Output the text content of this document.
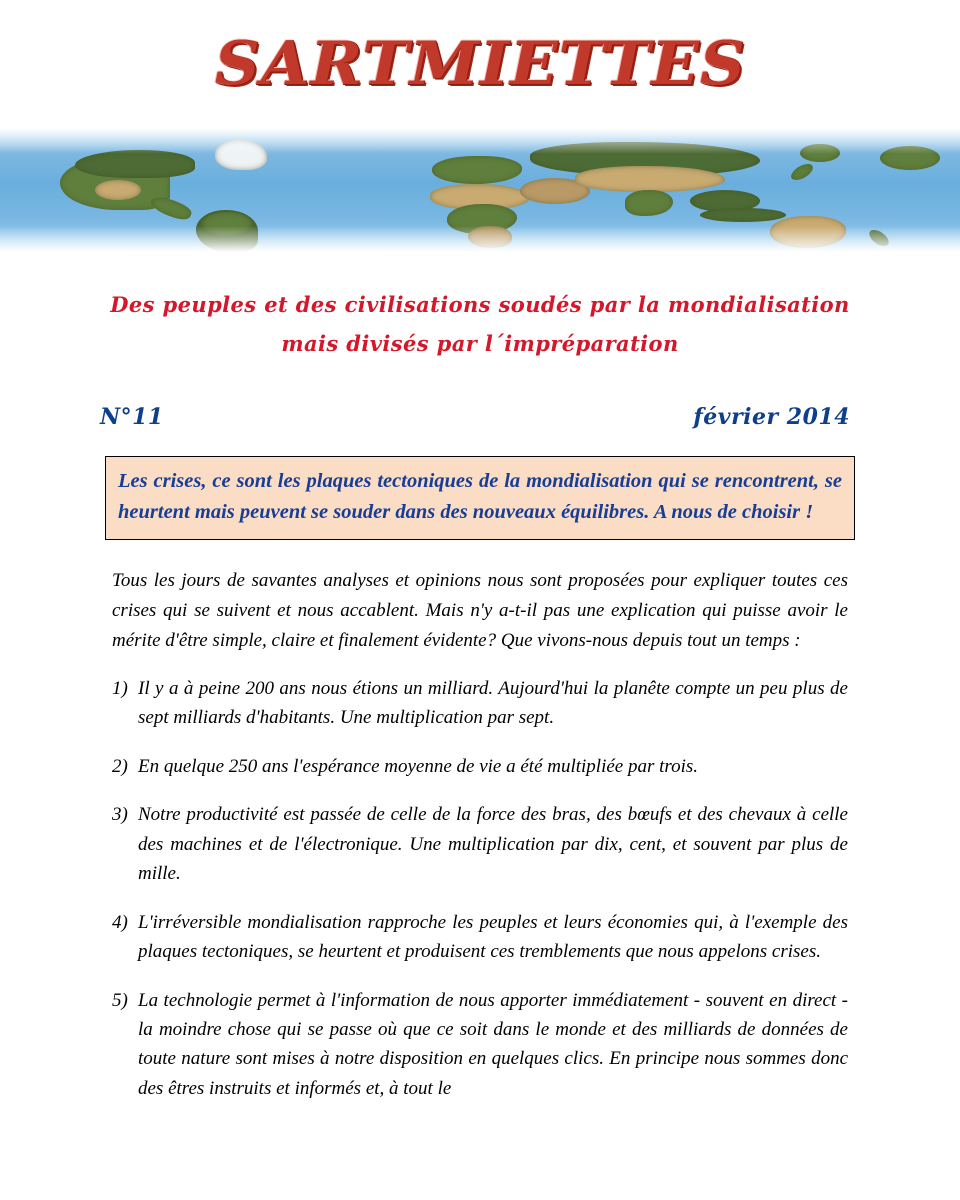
SARTMIETTES
Des peuples et des civilisations soudés par la mondialisation
mais divisés par l´impréparation
N°11	février 2014
Les crises, ce sont les plaques tectoniques de la mondialisation qui se rencontrent, se heurtent mais peuvent se souder dans des nouveaux équilibres. A nous de choisir !

Tous les jours de savantes analyses et opinions nous sont proposées pour expliquer toutes ces crises qui se suivent et nous accablent. Mais n'y a-t-il pas une explication qui puisse avoir le mérite d'être simple, claire et finalement évidente? Que vivons-nous depuis tout un temps :

1) Il y a à peine 200 ans nous étions un milliard. Aujourd'hui la planête compte un peu plus de sept milliards d'habitants. Une multiplication par sept.
2) En quelque 250 ans l'espérance moyenne de vie a été multipliée par trois.
3) Notre productivité est passée de celle de la force des bras, des bœufs et des chevaux à celle des machines et de l'électronique. Une multiplication par dix, cent, et souvent par plus de mille.
4) L'irréversible mondialisation rapproche les peuples et leurs économies qui, à l'exemple des plaques tectoniques, se heurtent et produisent ces tremblements que nous appelons crises.
5) La technologie permet à l'information de nous apporter immédiatement - souvent en direct - la moindre chose qui se passe où que ce soit dans le monde et des milliards de données de toute nature sont mises à notre disposition en quelques clics. En principe nous sommes donc des êtres instruits et informés et, à tout le
